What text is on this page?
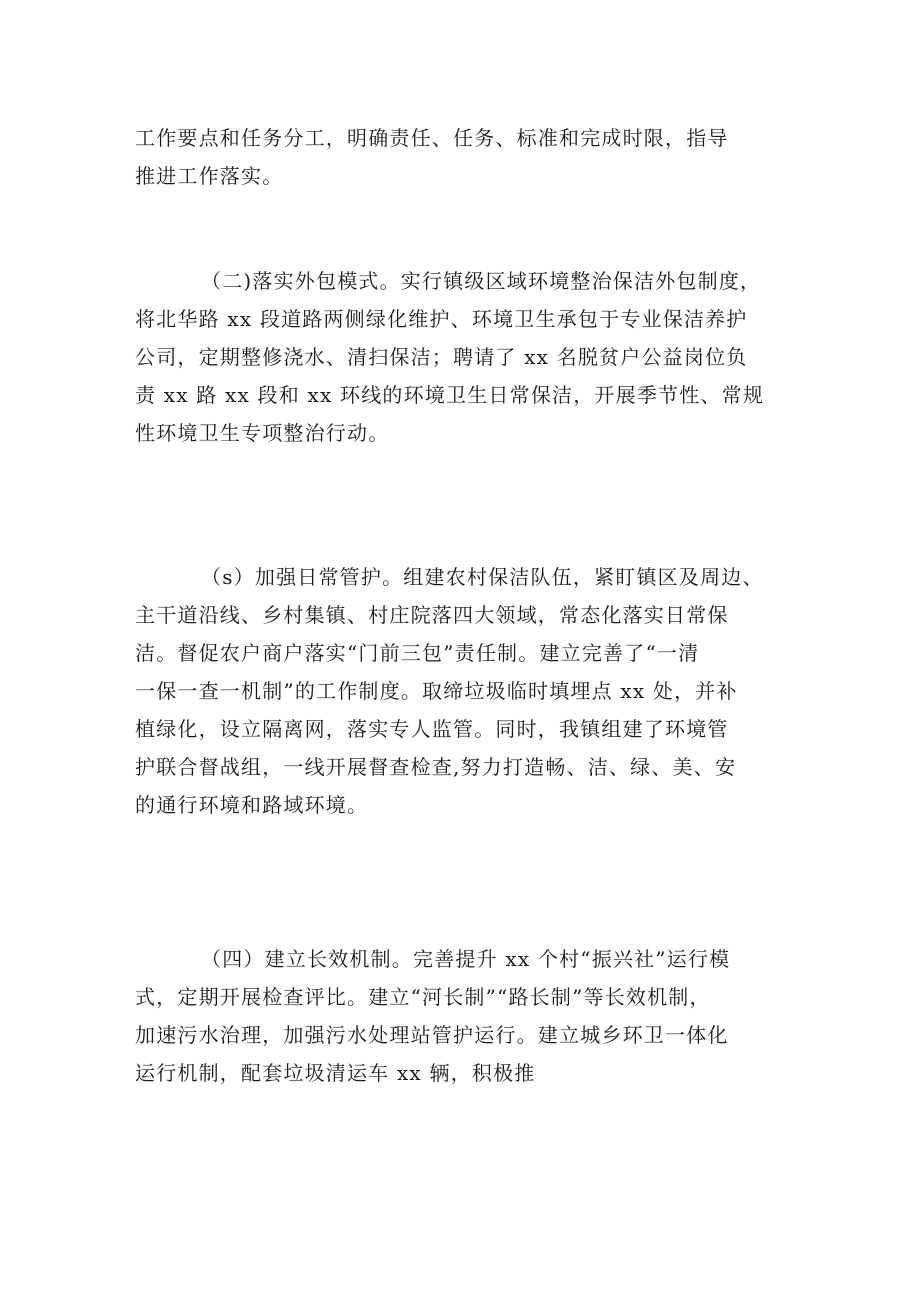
工作要点和任务分工，明确责任、任务、标准和完成时限，指导
推进工作落实。

（二)落实外包模式。实行镇级区域环境整治保洁外包制度，
将北华路 xx 段道路两侧绿化维护、环境卫生承包于专业保洁养护
公司，定期整修浇水、清扫保洁；聘请了 xx 名脱贫户公益岗位负
责 xx 路 xx 段和 xx 环线的环境卫生日常保洁，开展季节性、常规
性环境卫生专项整治行动。

（s）加强日常管护。组建农村保洁队伍，紧盯镇区及周边、
主干道沿线、乡村集镇、村庄院落四大领域，常态化落实日常保
洁。督促农户商户落实“门前三包”责任制。建立完善了“一清
一保一查一机制”的工作制度。取缔垃圾临时填埋点 xx 处，并补
植绿化，设立隔离网，落实专人监管。同时，我镇组建了环境管
护联合督战组，一线开展督查检查,努力打造畅、洁、绿、美、安
的通行环境和路域环境。

（四）建立长效机制。完善提升 xx 个村“振兴社”运行模
式，定期开展检查评比。建立“河长制”“路长制”等长效机制，
加速污水治理，加强污水处理站管护运行。建立城乡环卫一体化
运行机制，配套垃圾清运车 xx 辆，积极推
